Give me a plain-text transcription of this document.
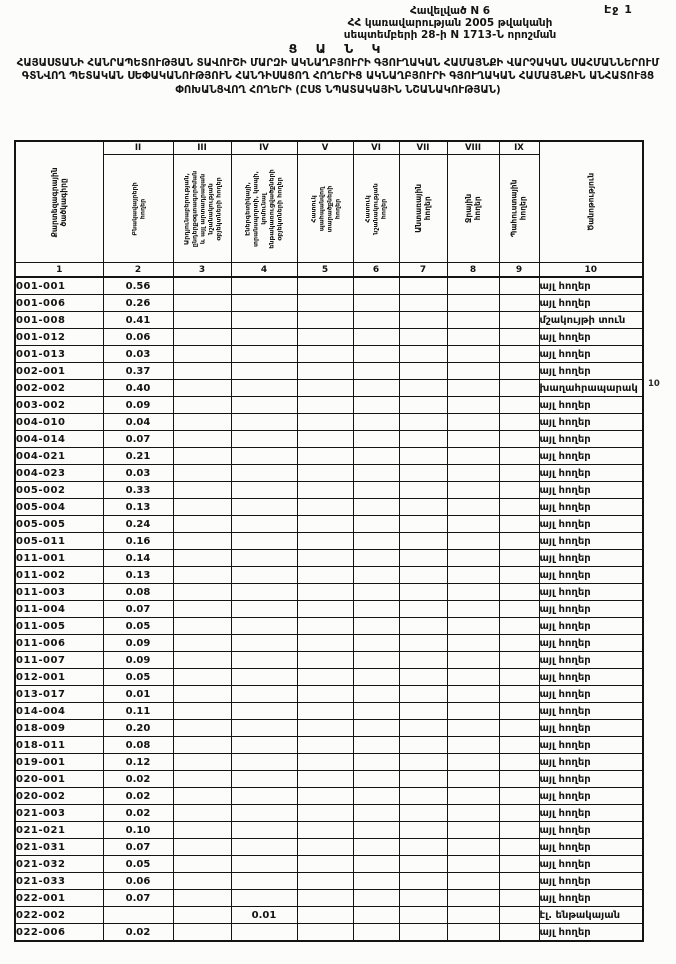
Էջ 1
Հավելված N 6
ՀՀ կառավարության 2005 թվականի
սեպտեմբերի 28-ի N 1713-Ն որոշման
Ց Ա Ն Կ
ՀԱՅԱՍՏԱՆԻ ՀԱՆՐԱՊԵՏՈՒԹՅԱՆ ՏԱՎՈՒՇԻ ՄԱՐԶԻ ԱԿՆԱՂԲՅՈՒՐԻ ԳՅՈՒՂԱԿԱՆ ՀԱՄԱՅՆՔԻ ՎԱՐՉԱԿԱՆ ՍԱՀՄԱՆՆԵՐՈՒՄ ԳՏՆՎՈՂ ՊԵՏԱԿԱՆ ՍԵՓԱԿԱՆՈՒԹՅՈՒՆ ՀԱՆԴԻՍԱՑՈՂ ՀՈՂԵՐԻՑ ԱԿՆԱՂԲՅՈՒՐԻ ԳՅՈՒՂԱԿԱՆ ՀԱՄԱՅՆՔԻՆ ԱՆՀԱՏՈՒՅՑ ՓՈԽԱՆՑՎՈՂ ՀՈՂԵՐԻ (ԸՍՏ ՆՊԱՏԱԿԱՅԻՆ ՆՇԱՆԱԿՈՒԹՅԱՆ)
Քարտեզագրային ծածկագիրը	II	III	IV	V	VI	VII	VIII	IX	Ծանոթություն

	Բնակավայրերի հողեր	Արդյունաբերության, ընդերքօգտագործման և այլ արտադրական նշանակության օբյեկտների հողեր	Էներգետիկայի, տրանսպորտի, կապի, կոմունալ ենթակառուցվածքների օբյեկտների հողեր	Հատուկ պահպանվող տարածքների հողեր	Հատուկ նշանակության հողեր	Անտառային հողեր	Ջրային հողեր	Պահուստային հողեր	

1	2	3	4	5	6	7	8	9	10
001-001	0.56								այլ հողեր
001-006	0.26								այլ հողեր
001-008	0.41								մշակույթի տուն
001-012	0.06								այլ հողեր
001-013	0.03								այլ հողեր
002-001	0.37								այլ հողեր
002-002	0.40								խաղահրապարակ
003-002	0.09								այլ հողեր
004-010	0.04								այլ հողեր
004-014	0.07								այլ հողեր
004-021	0.21								այլ հողեր
004-023	0.03								այլ հողեր
005-002	0.33								այլ հողեր
005-004	0.13								այլ հողեր
005-005	0.24								այլ հողեր
005-011	0.16								այլ հողեր
011-001	0.14								այլ հողեր
011-002	0.13								այլ հողեր
011-003	0.08								այլ հողեր
011-004	0.07								այլ հողեր
011-005	0.05								այլ հողեր
011-006	0.09								այլ հողեր
011-007	0.09								այլ հողեր
012-001	0.05								այլ հողեր
013-017	0.01								այլ հողեր
014-004	0.11								այլ հողեր
018-009	0.20								այլ հողեր
018-011	0.08								այլ հողեր
019-001	0.12								այլ հողեր
020-001	0.02								այլ հողեր
020-002	0.02								այլ հողեր
021-003	0.02								այլ հողեր
021-021	0.10								այլ հողեր
021-031	0.07								այլ հողեր
021-032	0.05								այլ հողեր
021-033	0.06								այլ հողեր
022-001	0.07								այլ հողեր
022-002			0.01						էլ. ենթակայան
022-006	0.02								այլ հողեր
10
